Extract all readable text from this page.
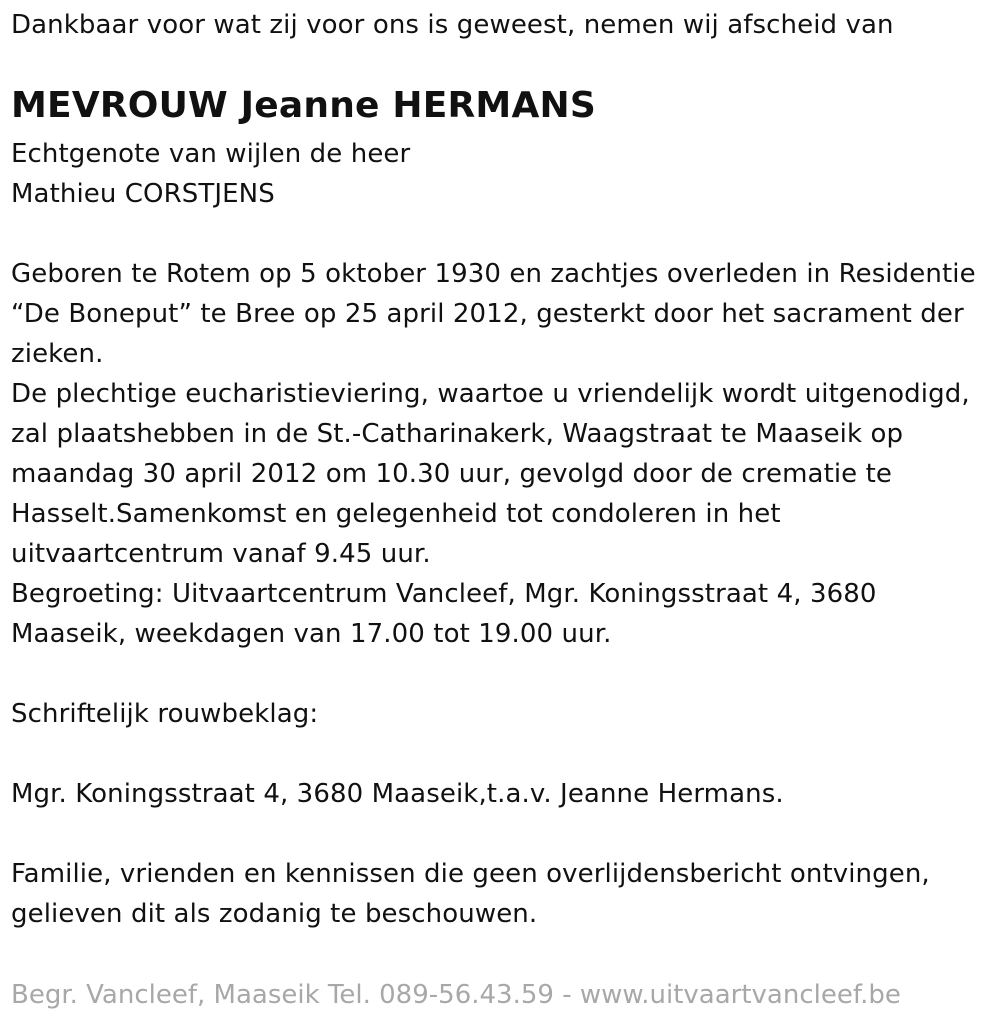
Dankbaar voor wat zij voor ons is geweest, nemen wij afscheid van
MEVROUW Jeanne HERMANS
Echtgenote van wijlen de heer
Mathieu CORSTJENS
Geboren te Rotem op 5 oktober 1930 en zachtjes overleden in Residentie
“De Boneput” te Bree op 25 april 2012, gesterkt door het sacrament der
zieken.
De plechtige eucharistieviering, waartoe u vriendelijk wordt uitgenodigd,
zal plaatshebben in de St.-Catharinakerk, Waagstraat te Maaseik op
maandag 30 april 2012 om 10.30 uur, gevolgd door de crematie te
Hasselt.Samenkomst en gelegenheid tot condoleren in het
uitvaartcentrum vanaf 9.45 uur.
Begroeting: Uitvaartcentrum Vancleef, Mgr. Koningsstraat 4, 3680
Maaseik, weekdagen van 17.00 tot 19.00 uur.
Schriftelijk rouwbeklag:
Mgr. Koningsstraat 4, 3680 Maaseik,t.a.v. Jeanne Hermans.
Familie, vrienden en kennissen die geen overlijdensbericht ontvingen,
gelieven dit als zodanig te beschouwen.
Begr. Vancleef, Maaseik Tel. 089-56.43.59 - www.uitvaartvancleef.be
